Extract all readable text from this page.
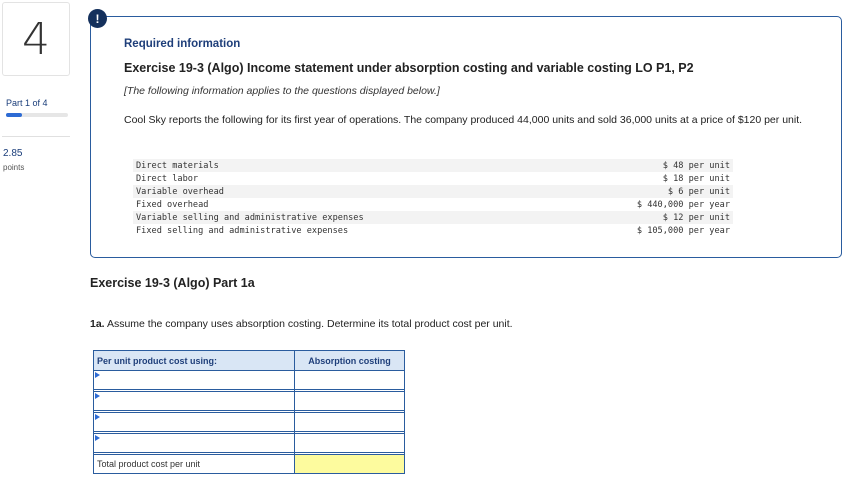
4
Part 1 of 4
2.85
points
!
Required information
Exercise 19-3 (Algo) Income statement under absorption costing and variable costing LO P1, P2
[The following information applies to the questions displayed below.]
Cool Sky reports the following for its first year of operations. The company produced 44,000 units and sold 36,000 units at a price of $120 per unit.
Direct materials	$ 48 per unit
Direct labor	$ 18 per unit
Variable overhead	$ 6 per unit
Fixed overhead	$ 440,000 per year
Variable selling and administrative expenses	$ 12 per unit
Fixed selling and administrative expenses	$ 105,000 per year
Exercise 19-3 (Algo) Part 1a
1a. Assume the company uses absorption costing. Determine its total product cost per unit.
Per unit product cost using:	Absorption costing

Total product cost per unit	
